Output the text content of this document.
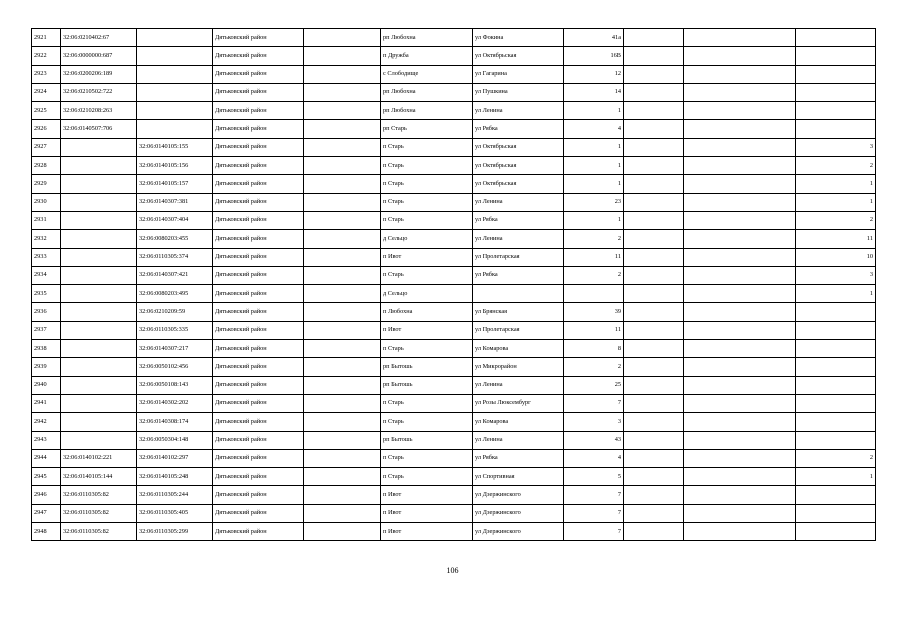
2921	32:06:0210402:67		Дятьковский район		рп Любохна	ул Фокина	41а			
2922	32:06:0000000:687		Дятьковский район		п Дружба	ул Октябрьская	16В			
2923	32:06:0200206:189		Дятьковский район		с Слободище	ул Гагарина	12			
2924	32:06:0210502:722		Дятьковский район		рп Любохна	ул Пушкина	14			
2925	32:06:0210208:263		Дятьковский район		рп Любохна	ул Ленина	1			
2926	32:06:0140507:706		Дятьковский район		рп Старь	ул Рябка	4			
2927		32:06:0140105:155	Дятьковский район		п Старь	ул Октябрьская	1			3
2928		32:06:0140105:156	Дятьковский район		п Старь	ул Октябрьская	1			2
2929		32:06:0140105:157	Дятьковский район		п Старь	ул Октябрьская	1			1
2930		32:06:0140307:381	Дятьковский район		п Старь	ул Ленина	23			1
2931		32:06:0140307:404	Дятьковский район		п Старь	ул Рябка	1			2
2932		32:06:0080203:455	Дятьковский район		д Сельцо	ул Ленина	2			11
2933		32:06:0110305:374	Дятьковский район		п Ивот	ул Пролетарская	11			10
2934		32:06:0140307:421	Дятьковский район		п Старь	ул Рябка	2			3
2935		32:06:0080203:495	Дятьковский район		д Сельцо					1
2936		32:06:0210209:59	Дятьковский район		п Любохна	ул Брянская	39			
2937		32:06:0110305:335	Дятьковский район		п Ивот	ул Пролетарская	11			
2938		32:06:0140307:217	Дятьковский район		п Старь	ул Комарова	8			
2939		32:06:0050102:456	Дятьковский район		рп Бытошь	ул Микрорайон	2			
2940		32:06:0050108:143	Дятьковский район		рп Бытошь	ул Ленина	25			
2941		32:06:0140302:202	Дятьковский район		п Старь	ул Розы Люксембург	7			
2942		32:06:0140308:174	Дятьковский район		п Старь	ул Комарова	3			
2943		32:06:0050304:148	Дятьковский район		рп Бытошь	ул Ленина	43			
2944	32:06:0140102:221	32:06:0140102:297	Дятьковский район		п Старь	ул Рябка	4			2
2945	32:06:0140105:144	32:06:0140105:248	Дятьковский район		п Старь	ул Спортивная	5			1
2946	32:06:0110305:82	32:06:0110305:244	Дятьковский район		п Ивот	ул Дзержинского	7			
2947	32:06:0110305:82	32:06:0110305:405	Дятьковский район		п Ивот	ул Дзержинского	7			
2948	32:06:0110305:82	32:06:0110305:299	Дятьковский район		п Ивот	ул Дзержинского	7			
106
